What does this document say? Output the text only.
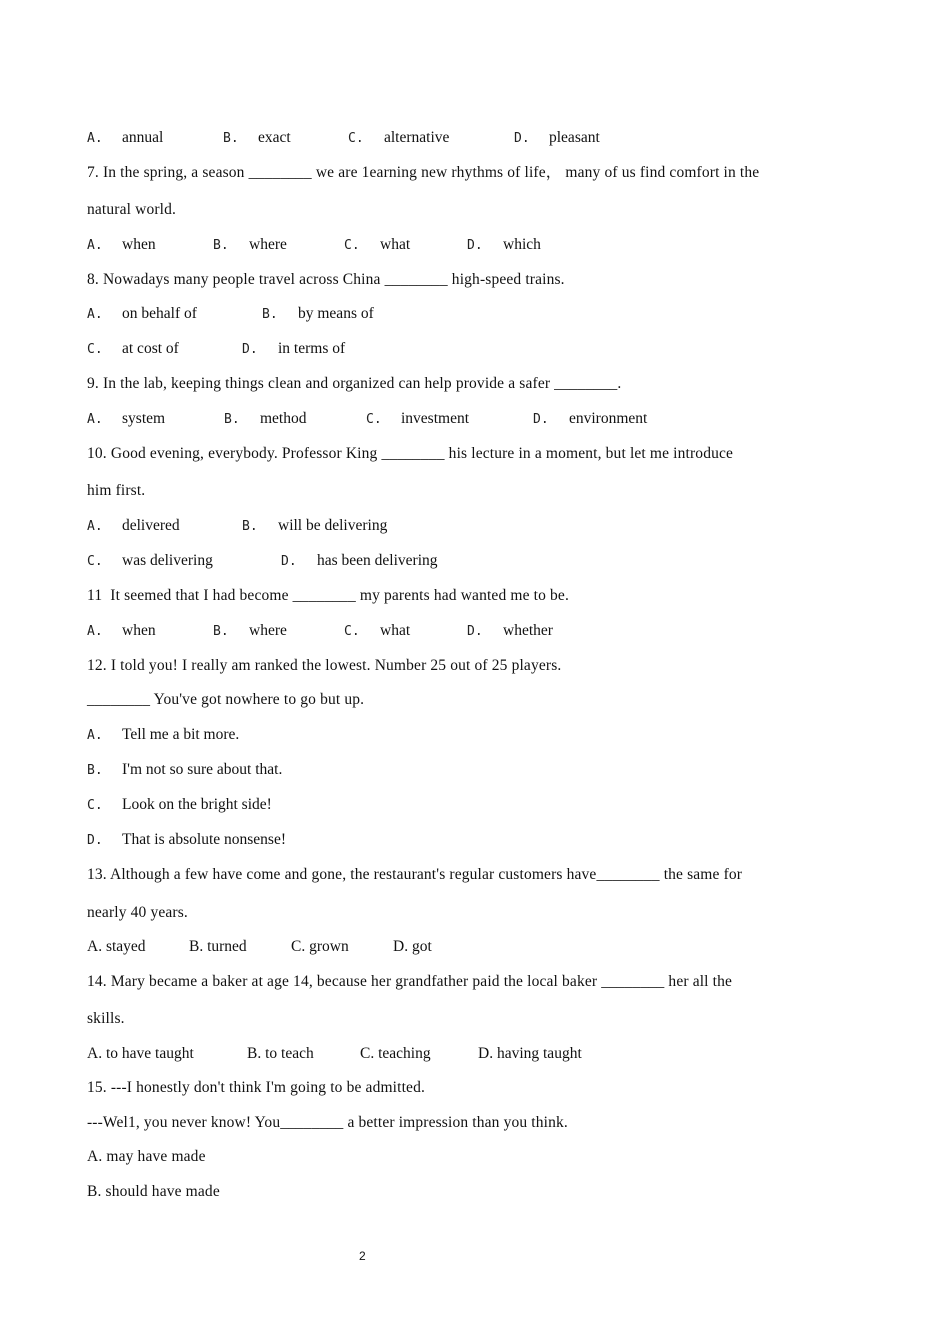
A. annual	B. exact	C. alternative	D. pleasant
7. In the spring, a season ________ we are 1earning new rhythms of life， many of us find comfort in the
natural world.
A. when	B. where	C. what	D. which
8. Nowadays many people travel across China ________ high-speed trains.
A. on behalf of	B. by means of
C. at cost of	D. in terms of
9. In the lab, keeping things clean and organized can help provide a safer ________.
A. system	B. method	C. investment	D. environment
10. Good evening, everybody. Professor King ________ his lecture in a moment, but let me introduce
him first.
A. delivered	B. will be delivering
C. was delivering	D. has been delivering
11  It seemed that I had become ________ my parents had wanted me to be.
A. when	B. where	C. what	D. whether
12. I told you! I really am ranked the lowest. Number 25 out of 25 players.
________ You've got nowhere to go but up.
A. Tell me a bit more.
B. I'm not so sure about that.
C. Look on the bright side!
D. That is absolute nonsense!
13. Although a few have come and gone, the restaurant's regular customers have________ the same for
nearly 40 years.
A. stayed	B. turned	C. grown	D. got
14. Mary became a baker at age 14, because her grandfather paid the local baker ________ her all the
skills.
A. to have taught	B. to teach	C. teaching	D. having taught
15. ---I honestly don't think I'm going to be admitted.
---Wel1, you never know! You________ a better impression than you think.
A. may have made
B. should have made
2
